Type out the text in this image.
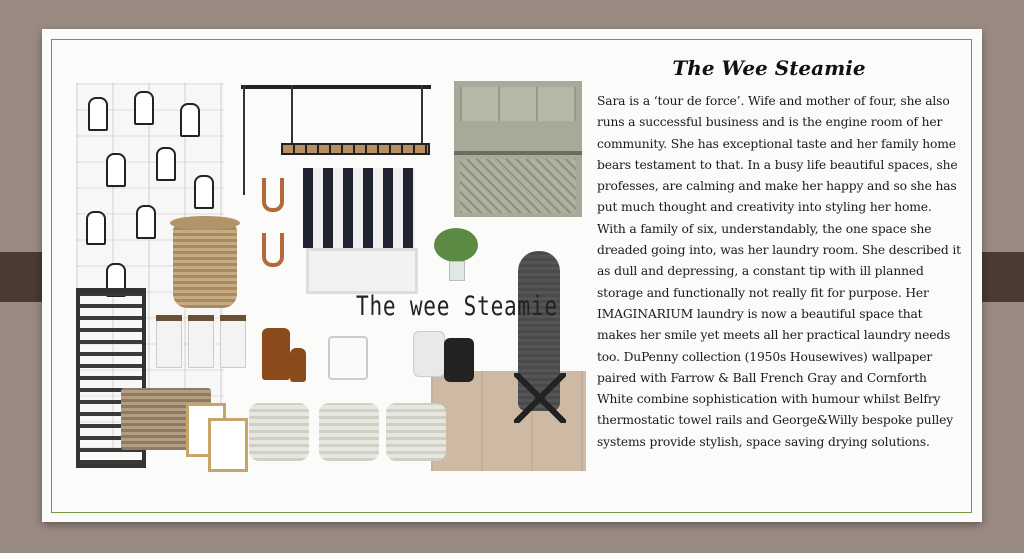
The wee Steamie
The Wee Steamie

Sara is a ‘tour de force’. Wife and mother of four, she also runs a successful business and is the engine room of her community. She has exceptional taste and her family home bears testament to that. In a busy life beautiful spaces, she professes, are calming and make her happy and so she has put much thought and creativity into styling her home. With a family of six, understandably, the one space she dreaded going into, was her laundry room. She described it as dull and depressing, a constant tip with ill planned storage and functionally not really fit for purpose. Her IMAGINARIUM laundry is now a beautiful space that makes her smile yet meets all her practical laundry needs too. DuPenny collection (1950s Housewives) wallpaper paired with Farrow & Ball French Gray and Cornforth White combine sophistication with humour whilst Belfry thermostatic towel rails and George&Willy bespoke pulley systems provide stylish, space saving drying solutions.
